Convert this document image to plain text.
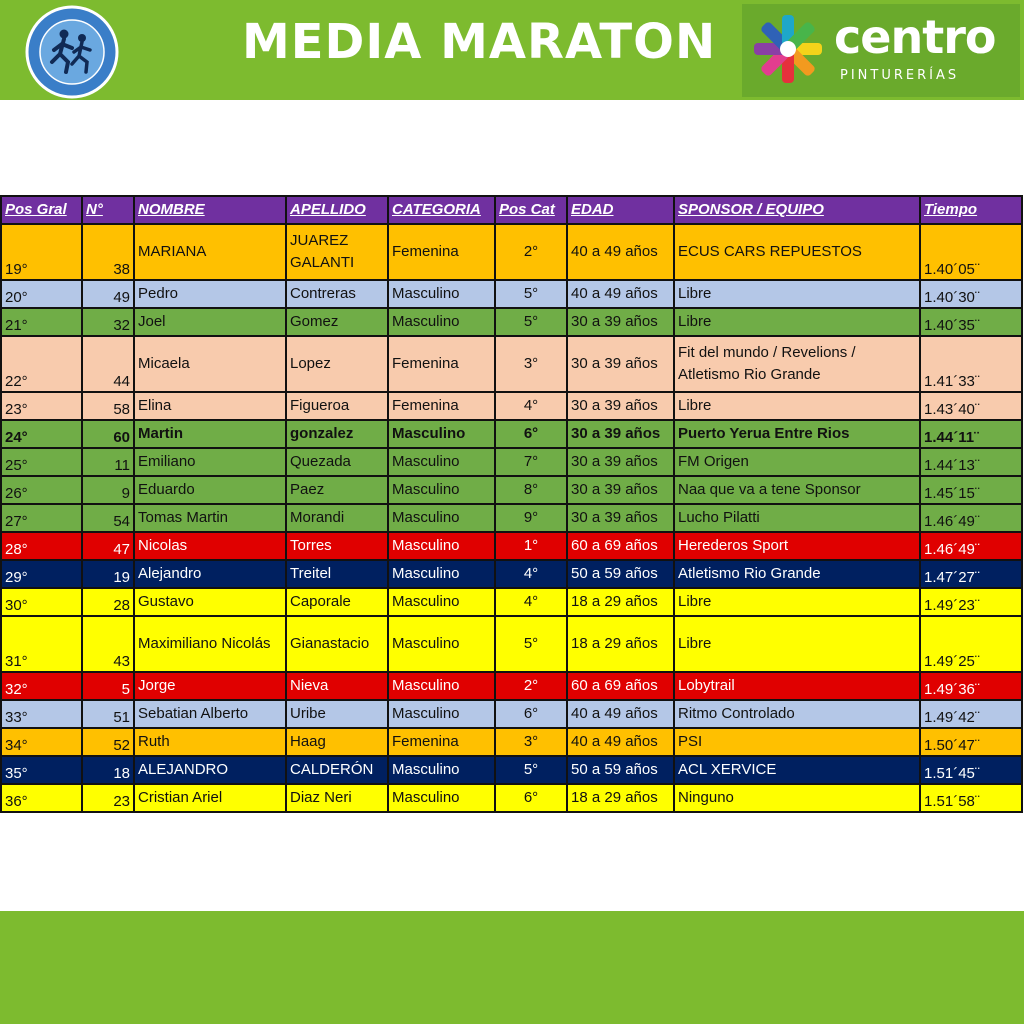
MEDIA MARATON	centro
PINTURERÍAS
Pos Gral	N°	NOMBRE	APELLIDO	CATEGORIA	Pos Cat	EDAD	SPONSOR / EQUIPO	Tiempo
19°	38	MARIANA	JUAREZ GALANTI	Femenina	2°	40 a 49 años	ECUS CARS REPUESTOS	1.40´05¨
20°	49	Pedro	Contreras	Masculino	5°	40 a 49 años	Libre	1.40´30¨
21°	32	Joel	Gomez	Masculino	5°	30 a 39 años	Libre	1.40´35¨
22°	44	Micaela	Lopez	Femenina	3°	30 a 39 años	Fit del mundo / Revelions / Atletismo Rio Grande	1.41´33¨
23°	58	Elina	Figueroa	Femenina	4°	30 a 39 años	Libre	1.43´40¨
24°	60	Martin	gonzalez	Masculino	6°	30 a 39 años	Puerto Yerua Entre Rios	1.44´11¨
25°	11	Emiliano	Quezada	Masculino	7°	30 a 39 años	FM Origen	1.44´13¨
26°	9	Eduardo	Paez	Masculino	8°	30 a 39 años	Naa que va a tene Sponsor	1.45´15¨
27°	54	Tomas Martin	Morandi	Masculino	9°	30 a 39 años	Lucho Pilatti	1.46´49¨
28°	47	Nicolas	Torres	Masculino	1°	60 a 69 años	Herederos Sport	1.46´49¨
29°	19	Alejandro	Treitel	Masculino	4°	50 a 59 años	Atletismo Rio Grande	1.47´27¨
30°	28	Gustavo	Caporale	Masculino	4°	18 a 29 años	Libre	1.49´23¨
31°	43	Maximiliano Nicolás	Gianastacio	Masculino	5°	18 a 29 años	Libre	1.49´25¨
32°	5	Jorge	Nieva	Masculino	2°	60 a 69 años	Lobytrail	1.49´36¨
33°	51	Sebatian Alberto	Uribe	Masculino	6°	40 a 49 años	Ritmo Controlado	1.49´42¨
34°	52	Ruth	Haag	Femenina	3°	40 a 49 años	PSI	1.50´47¨
35°	18	ALEJANDRO	CALDERÓN	Masculino	5°	50 a 59 años	ACL XERVICE	1.51´45¨
36°	23	Cristian Ariel	Diaz Neri	Masculino	6°	18 a 29 años	Ninguno	1.51´58¨
